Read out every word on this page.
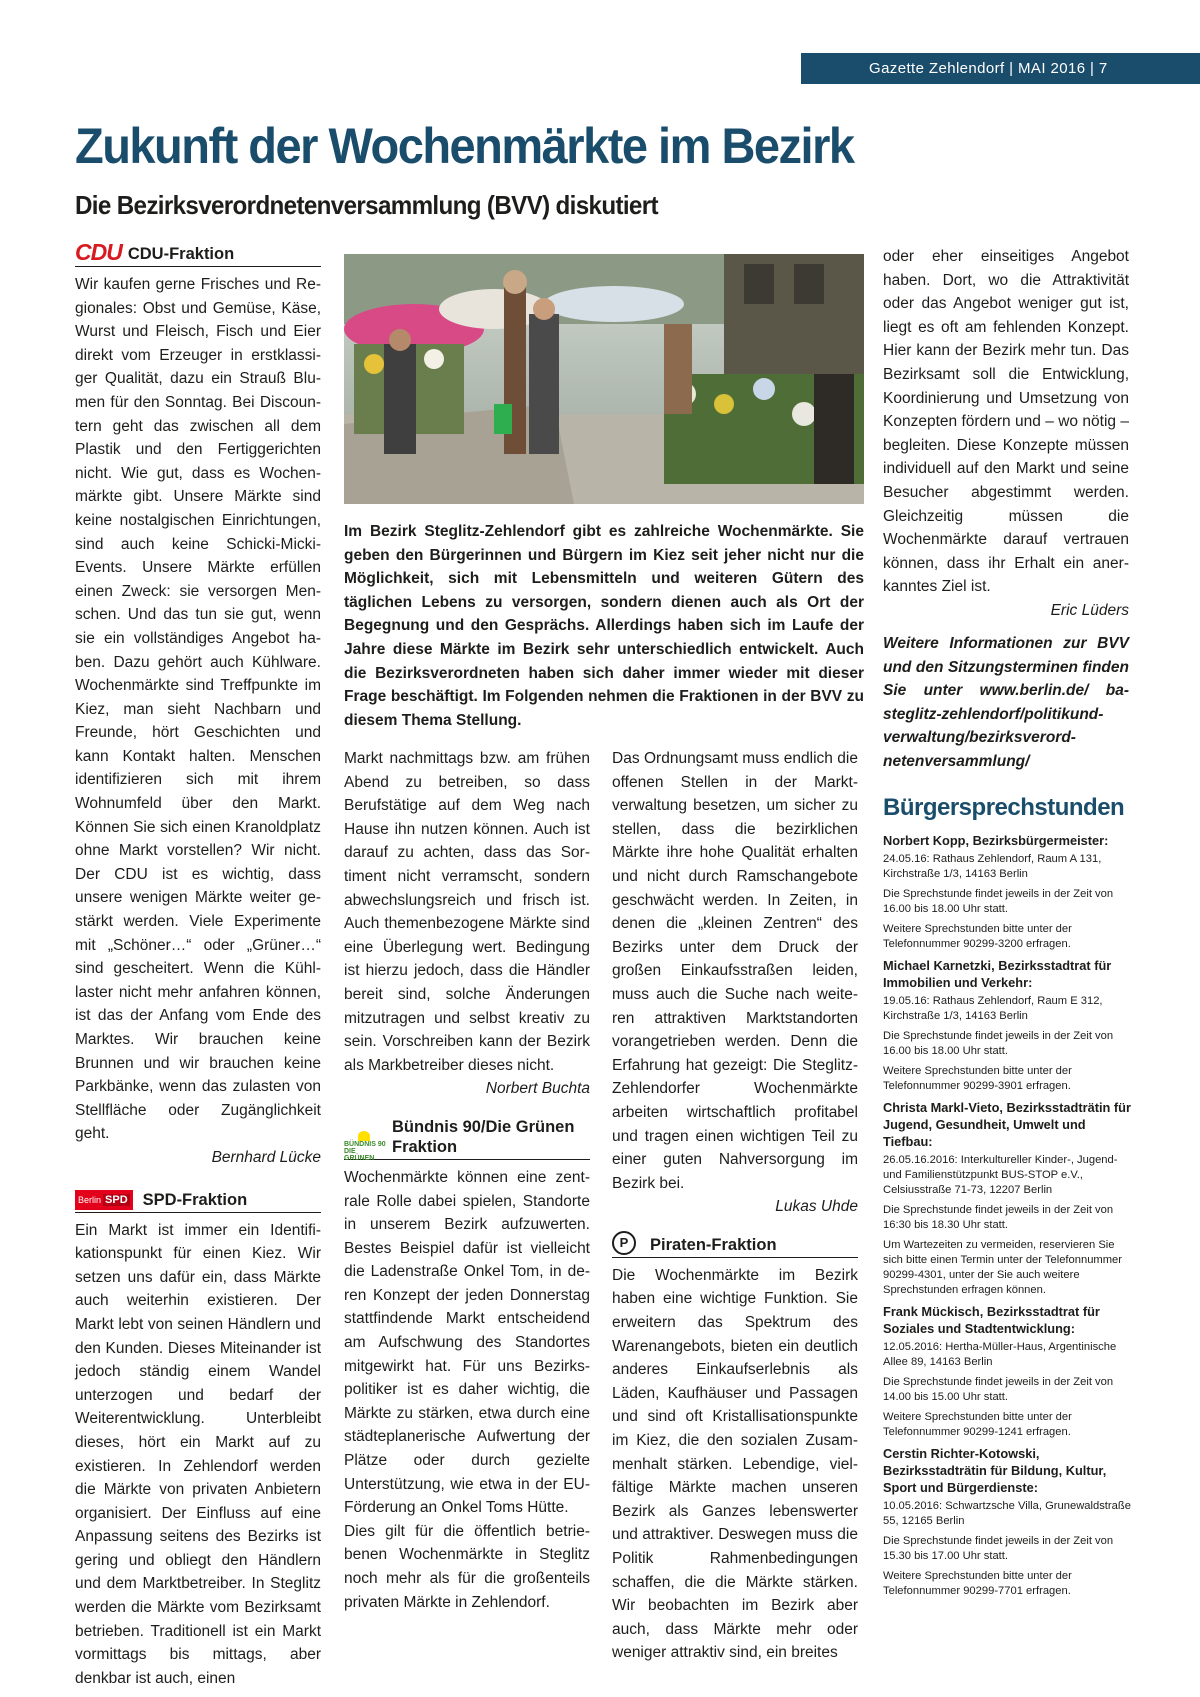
Gazette Zehlendorf | MAI 2016 | 7
Zukunft der Wochenmärkte im Bezirk
Die Bezirksverordnetenversammlung (BVV) diskutiert
CDU CDU-Fraktion

Wir kaufen gerne Frisches und Regionales: Obst und Gemüse, Käse, Wurst und Fleisch, Fisch und Eier direkt vom Erzeuger in erstklassiger Qualität, dazu ein Strauß Blumen für den Sonntag. Bei Discountern geht das zwischen all dem Plastik und den Fertiggerichten nicht. Wie gut, dass es Wochenmärkte gibt. Unsere Märkte sind keine nostalgischen Einrichtungen, sind auch keine Schicki-Micki-Events. Unsere Märkte erfüllen einen Zweck: sie versorgen Menschen. Und das tun sie gut, wenn sie ein vollständiges Angebot haben. Dazu gehört auch Kühlware. Wochenmärkte sind Treffpunkte im Kiez, man sieht Nachbarn und Freunde, hört Geschichten und kann Kontakt halten. Menschen identifizieren sich mit ihrem Wohnumfeld über den Markt. Können Sie sich einen Kranoldplatz ohne Markt vorstellen? Wir nicht. Der CDU ist es wichtig, dass unsere wenigen Märkte weiter gestärkt werden. Viele Experimente mit „Schöner…“ oder „Grüner…“ sind gescheitert. Wenn die Kühllaster nicht mehr anfahren können, ist das der Anfang vom Ende des Marktes. Wir brauchen keine Brunnen und wir brauchen keine Parkbänke, wenn das zulasten von Stellfläche oder Zugänglichkeit geht.

Bernhard Lücke

Berlin SPD SPD-Fraktion

Ein Markt ist immer ein Identifikationspunkt für einen Kiez. Wir setzen uns dafür ein, dass Märkte auch weiterhin existieren. Der Markt lebt von seinen Händlern und den Kunden. Dieses Miteinander ist jedoch ständig einem Wandel unterzogen und bedarf der Weiterentwicklung. Unterbleibt dieses, hört ein Markt auf zu existieren. In Zehlendorf werden die Märkte von privaten Anbietern organisiert. Der Einfluss auf eine Anpassung seitens des Bezirks ist gering und obliegt den Händlern und dem Marktbetreiber. In Steglitz werden die Märkte vom Bezirksamt betrieben. Traditionell ist ein Markt vormittags bis mittags, aber denkbar ist auch, einen

Im Bezirk Steglitz-Zehlendorf gibt es zahlreiche Wochenmärkte. Sie geben den Bürgerinnen und Bürgern im Kiez seit jeher nicht nur die Möglichkeit, sich mit Lebensmitteln und weiteren Gütern des täglichen Lebens zu versorgen, sondern dienen auch als Ort der Begegnung und den Gesprächs. Allerdings haben sich im Laufe der Jahre diese Märkte im Bezirk sehr unterschiedlich entwickelt. Auch die Bezirksverordneten haben sich daher immer wieder mit dieser Frage beschäftigt. Im Folgenden nehmen die Fraktionen in der BVV zu diesem Thema Stellung.

Markt nachmittags bzw. am frühen Abend zu betreiben, so dass Berufstätige auf dem Weg nach Hause ihn nutzen können. Auch ist darauf zu achten, dass das Sortiment nicht verramscht, sondern abwechslungsreich und frisch ist. Auch themenbezogene Märkte sind eine Überlegung wert. Bedingung ist hierzu jedoch, dass die Händler bereit sind, solche Änderungen mitzutragen und selbst kreativ zu sein. Vorschreiben kann der Bezirk als Markbetreiber dieses nicht.

Norbert Buchta

BÜNDNIS 90 DIE GRÜNEN
Bündnis 90/Die Grünen
Fraktion

Wochenmärkte können eine zentrale Rolle dabei spielen, Standorte in unserem Bezirk aufzuwerten. Bestes Beispiel dafür ist vielleicht die Ladenstraße Onkel Tom, in deren Konzept der jeden Donnerstag stattfindende Markt entscheidend am Aufschwung des Standortes mitgewirkt hat. Für uns Bezirkspolitiker ist es daher wichtig, die Märkte zu stärken, etwa durch eine städteplanerische Aufwertung der Plätze oder durch gezielte Unterstützung, wie etwa in der EU-Förderung an Onkel Toms Hütte.

Dies gilt für die öffentlich betriebenen Wochenmärkte in Steglitz noch mehr als für die großenteils privaten Märkte in Zehlendorf.

Das Ordnungsamt muss endlich die offenen Stellen in der Marktverwaltung besetzen, um sicher zu stellen, dass die bezirklichen Märkte ihre hohe Qualität erhalten und nicht durch Ramschangebote geschwächt werden. In Zeiten, in denen die „kleinen Zentren“ des Bezirks unter dem Druck der großen Einkaufsstraßen leiden, muss auch die Suche nach weiteren attraktiven Marktstandorten vorangetrieben werden. Denn die Erfahrung hat gezeigt: Die Steglitz-Zehlendorfer Wochenmärkte arbeiten wirtschaftlich profitabel und tragen einen wichtigen Teil zu einer guten Nahversorgung im Bezirk bei.

Lukas Uhde

P	Piraten-Fraktion

Die Wochenmärkte im Bezirk haben eine wichtige Funktion. Sie erweitern das Spektrum des Warenangebots, bieten ein deutlich anderes Einkaufserlebnis als Läden, Kaufhäuser und Passagen und sind oft Kristallisationspunkte im Kiez, die den sozialen Zusammenhalt stärken. Lebendige, vielfältige Märkte machen unseren Bezirk als Ganzes lebenswerter und attraktiver. Deswegen muss die Politik Rahmenbedingungen schaffen, die die Märkte stärken. Wir beobachten im Bezirk aber auch, dass Märkte mehr oder weniger attraktiv sind, ein breites

oder eher einseitiges Angebot haben. Dort, wo die Attraktivität oder das Angebot weniger gut ist, liegt es oft am fehlenden Konzept. Hier kann der Bezirk mehr tun. Das Bezirksamt soll die Entwicklung, Koordinierung und Umsetzung von Konzepten fördern und – wo nötig – begleiten. Diese Konzepte müssen individuell auf den Markt und seine Besucher abgestimmt werden. Gleichzeitig müssen die Wochenmärkte darauf vertrauen können, dass ihr Erhalt ein anerkanntes Ziel ist.

Eric Lüders

Weitere Informationen zur BVV und den Sitzungsterminen finden Sie unter www.berlin.de/ ba-steglitz-zehlendorf/politikund-verwaltung/bezirksverordnetenversammlung/

Bürgersprechstunden
Norbert Kopp, Bezirksbürgermeister:

24.05.16: Rathaus Zehlendorf, Raum A 131, Kirchstraße 1/3, 14163 Berlin

Die Sprechstunde findet jeweils in der Zeit von 16.00 bis 18.00 Uhr statt.

Weitere Sprechstunden bitte unter der Telefonnummer 90299-3200 erfragen.

Michael Karnetzki, Bezirksstadtrat für Immobilien und Verkehr:

19.05.16: Rathaus Zehlendorf, Raum E 312, Kirchstraße 1/3, 14163 Berlin

Die Sprechstunde findet jeweils in der Zeit von 16.00 bis 18.00 Uhr statt.

Weitere Sprechstunden bitte unter der Telefonnummer 90299-3901 erfragen.

Christa Markl-Vieto, Bezirksstadträtin für Jugend, Gesundheit, Umwelt und Tiefbau:

26.05.16.2016: Interkultureller Kinder-, Jugend- und Familienstützpunkt BUS-STOP e.V., Celsiusstraße 71-73, 12207 Berlin

Die Sprechstunde findet jeweils in der Zeit von 16:30 bis 18.30 Uhr statt.

Um Wartezeiten zu vermeiden, reservieren Sie sich bitte einen Termin unter der Telefonnummer 90299-4301, unter der Sie auch weitere Sprechstunden erfragen können.

Frank Mückisch, Bezirksstadtrat für Soziales und Stadtentwicklung:

12.05.2016: Hertha-Müller-Haus, Argentinische Allee 89, 14163 Berlin

Die Sprechstunde findet jeweils in der Zeit von 14.00 bis 15.00 Uhr statt.

Weitere Sprechstunden bitte unter der Telefonnummer 90299-1241 erfragen.

Cerstin Richter-Kotowski, Bezirksstadträtin für Bildung, Kultur, Sport und Bürgerdienste:

10.05.2016: Schwartzsche Villa, Grunewaldstraße 55, 12165 Berlin

Die Sprechstunde findet jeweils in der Zeit von 15.30 bis 17.00 Uhr statt.

Weitere Sprechstunden bitte unter der Telefonnummer 90299-7701 erfragen.
